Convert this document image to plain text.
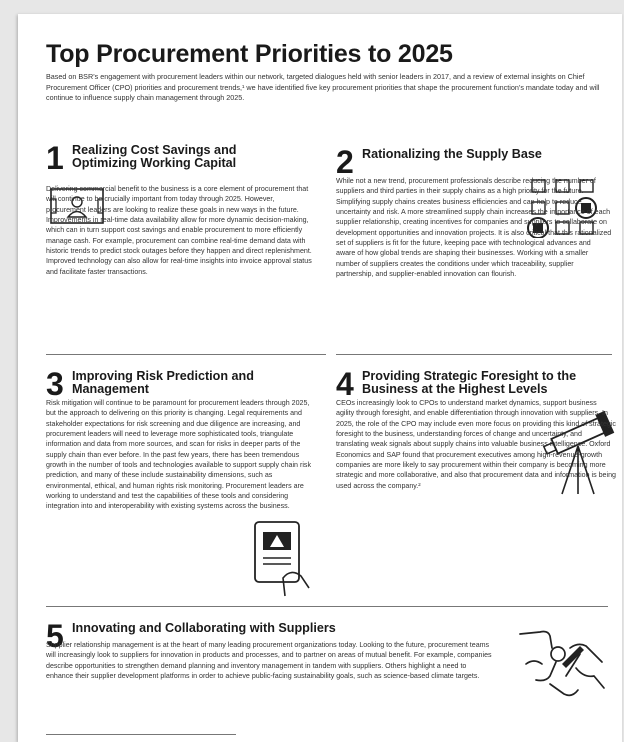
Top Procurement Priorities to 2025

Based on BSR’s engagement with procurement leaders within our network, targeted dialogues held with senior leaders in 2017, and a review of external insights on Chief Procurement Officer (CPO) priorities and procurement trends,¹ we have identified five key procurement priorities that shape the procurement function’s mandate today and will continue to influence supply chain management through 2025.

1 Realizing Cost Savings and Optimizing Working Capital

Delivering commercial benefit to the business is a core element of procurement that will continue to be crucially important from today through 2025. However, procurement leaders are looking to realize these goals in new ways in the future. Improvements in real-time data availability allow for more dynamic decision-making, which can in turn support cost savings and enable procurement to more efficiently manage cash. For example, procurement can combine real-time demand data with historic trends to predict stock outages before they happen and direct replenishment. Improved technology can also allow for real-time insights into invoice approval status and facilitate faster transactions.

2 Rationalizing the Supply Base

While not a new trend, procurement professionals describe reducing the number of suppliers and third parties in their supply chains as a high priority for the future. Simplifying supply chains creates business efficiencies and can help to reduce uncertainty and risk. A more streamlined supply chain increases the importance of each supplier relationship, creating incentives for companies and suppliers to collaborate on development opportunities and innovation projects. It is also critical that this rationalized set of suppliers is fit for the future, keeping pace with technological advances and aware of how global trends are shaping their businesses. Working with a smaller number of suppliers creates the conditions under which traceability, supplier partnership, and supplier-enabled innovation can flourish.

3 Improving Risk Prediction and Management

Risk mitigation will continue to be paramount for procurement leaders through 2025, but the approach to delivering on this priority is changing. Legal requirements and stakeholder expectations for risk screening and due diligence are increasing, and procurement leaders will need to leverage more sophisticated tools, triangulate information and data from more sources, and scan for risks in deeper parts of the supply chain than ever before. In the past few years, there has been tremendous growth in the number of tools and technologies available to support supply chain risk prediction, and many of these include sustainability dimensions, such as environmental, ethical, and human rights risk monitoring. Procurement leaders are working to understand and test the capabilities of these tools and considering integration into and interoperability with existing systems across the business.

4 Providing Strategic Foresight to the Business at the Highest Levels

CEOs increasingly look to CPOs to understand market dynamics, support business agility through foresight, and enable differentiation through innovation with suppliers. In 2025, the role of the CPO may include even more focus on providing this kind of strategic foresight to the business, understanding forces of change and uncertainty, and translating weak signals about supply chains into valuable business intelligence. Oxford Economics and SAP found that procurement executives among high-revenue-growth companies are more likely to say procurement within their company is becoming more strategic and more collaborative, and also that procurement data and information is being used across the company.²

5 Innovating and Collaborating with Suppliers

Supplier relationship management is at the heart of many leading procurement organizations today. Looking to the future, procurement teams will increasingly look to suppliers for innovation in products and processes, and to partner on areas of mutual benefit. For example, companies describe opportunities to strengthen demand planning and inventory management in tandem with suppliers. Others highlight a need to enhance their supplier development platforms in order to achieve public-facing sustainability goals, such as science-based climate targets.
